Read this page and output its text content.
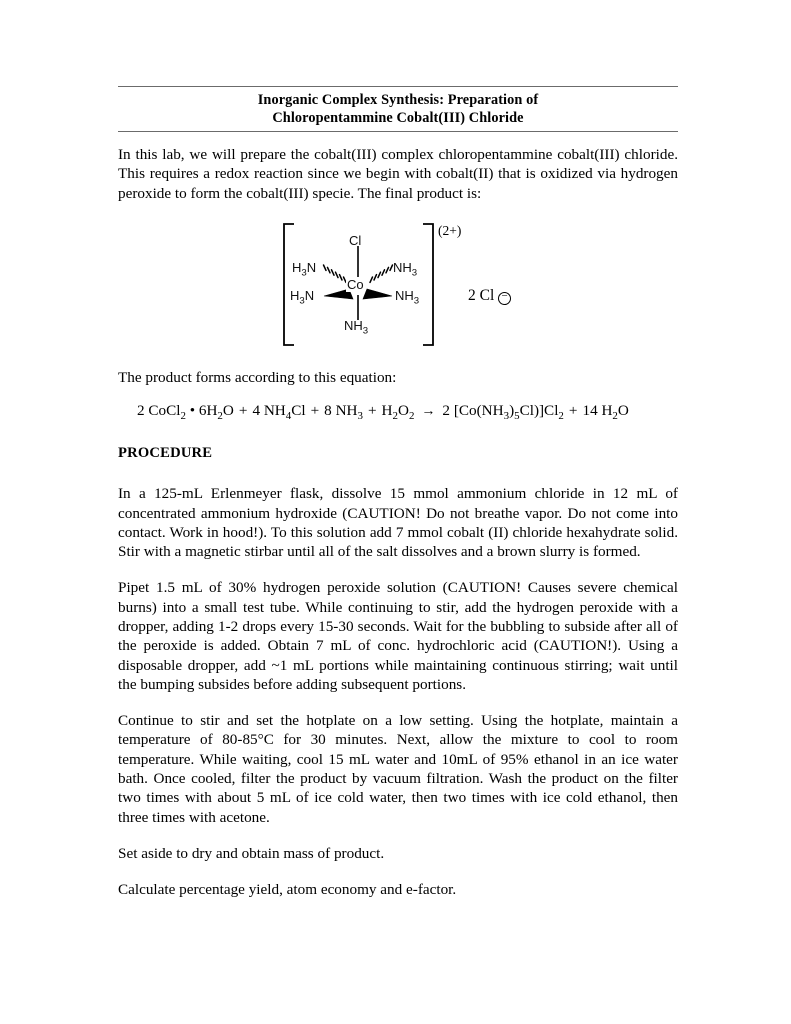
Inorganic Complex Synthesis: Preparation of
Chloropentammine Cobalt(III) Chloride

In this lab, we will prepare the cobalt(III) complex chloropentammine cobalt(III) chloride. This requires a redox reaction since we begin with cobalt(II) that is oxidized via hydrogen peroxide to form the cobalt(III) specie. The final product is:

Cl
$H_3N$	$NH_3$
$H_3N$	$NH_3$
$NH_3$
Co
(2+)
2 Cl −

The product forms according to this equation:

2 CoCl$_2$ • $6H_2O + 4$ $NH_4Cl + 8$ $NH_3 + H_2O_2 \to 2$ $[Co(NH_3)_5Cl)]Cl_2 + 14$ $H_2O$

PROCEDURE

In a 125-mL Erlenmeyer flask, dissolve 15 mmol ammonium chloride in 12 mL of concentrated ammonium hydroxide (CAUTION! Do not breathe vapor. Do not come into contact. Work in hood!). To this solution add 7 mmol cobalt (II) chloride hexahydrate solid. Stir with a magnetic stirbar until all of the salt dissolves and a brown slurry is formed.

Pipet 1.5 mL of 30% hydrogen peroxide solution (CAUTION! Causes severe chemical burns) into a small test tube. While continuing to stir, add the hydrogen peroxide with a dropper, adding 1-2 drops every 15-30 seconds. Wait for the bubbling to subside after all of the peroxide is added. Obtain 7 mL of conc. hydrochloric acid (CAUTION!). Using a disposable dropper, add ~1 mL portions while maintaining continuous stirring; wait until the bumping subsides before adding subsequent portions.

Continue to stir and set the hotplate on a low setting. Using the hotplate, maintain a temperature of 80-85°C for 30 minutes. Next, allow the mixture to cool to room temperature. While waiting, cool 15 mL water and 10mL of 95% ethanol in an ice water bath. Once cooled, filter the product by vacuum filtration. Wash the product on the filter two times with about 5 mL of ice cold water, then two times with ice cold ethanol, then three times with acetone.

Set aside to dry and obtain mass of product.

Calculate percentage yield, atom economy and e-factor.
